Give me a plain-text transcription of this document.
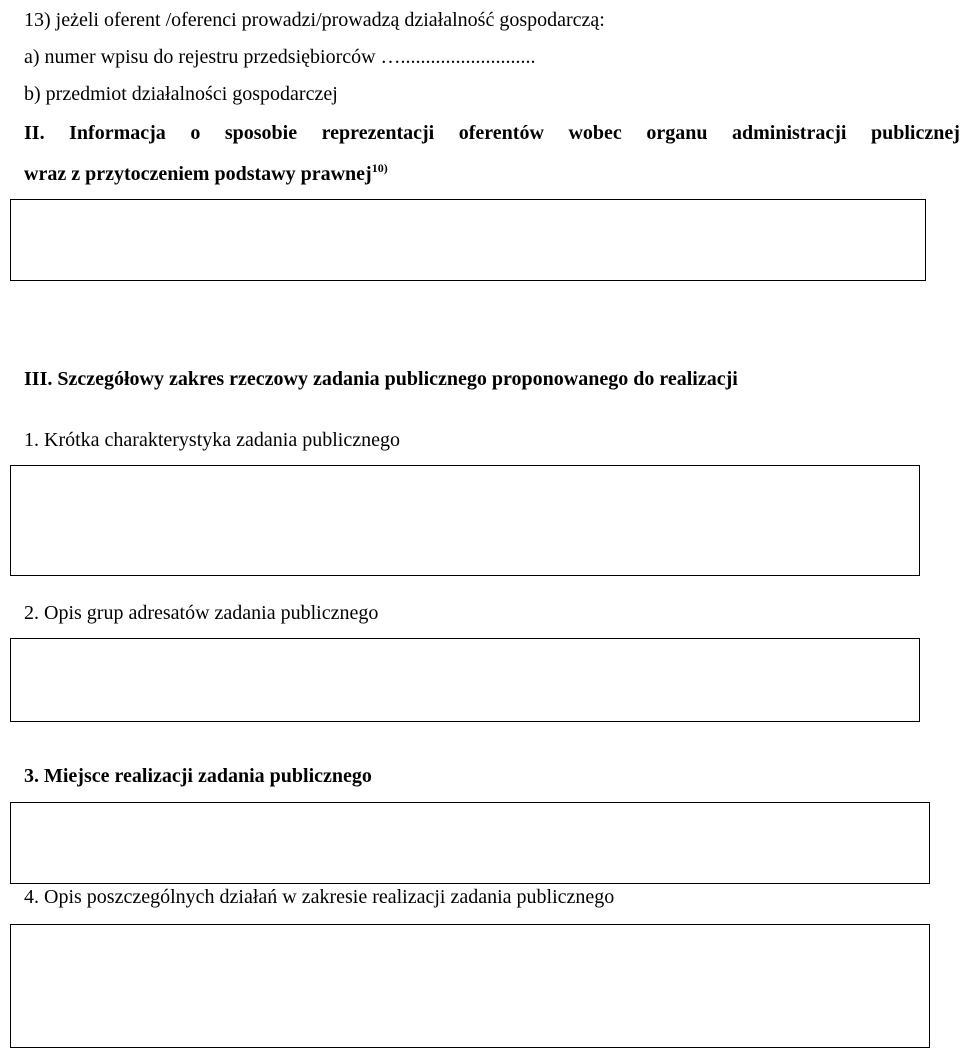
13) jeżeli oferent /oferenci prowadzi/prowadzą działalność gospodarczą:
a) numer wpisu do rejestru przedsiębiorców …...........................
b) przedmiot działalności gospodarczej
II. Informacja o sposobie reprezentacji oferentów wobec organu administracji publicznej
wraz z przytoczeniem podstawy prawnej$^{10)}$
III. Szczegółowy zakres rzeczowy zadania publicznego proponowanego do realizacji
1. Krótka charakterystyka zadania publicznego
2. Opis grup adresatów zadania publicznego
3. Miejsce realizacji zadania publicznego
4. Opis poszczególnych działań w zakresie realizacji zadania publicznego
